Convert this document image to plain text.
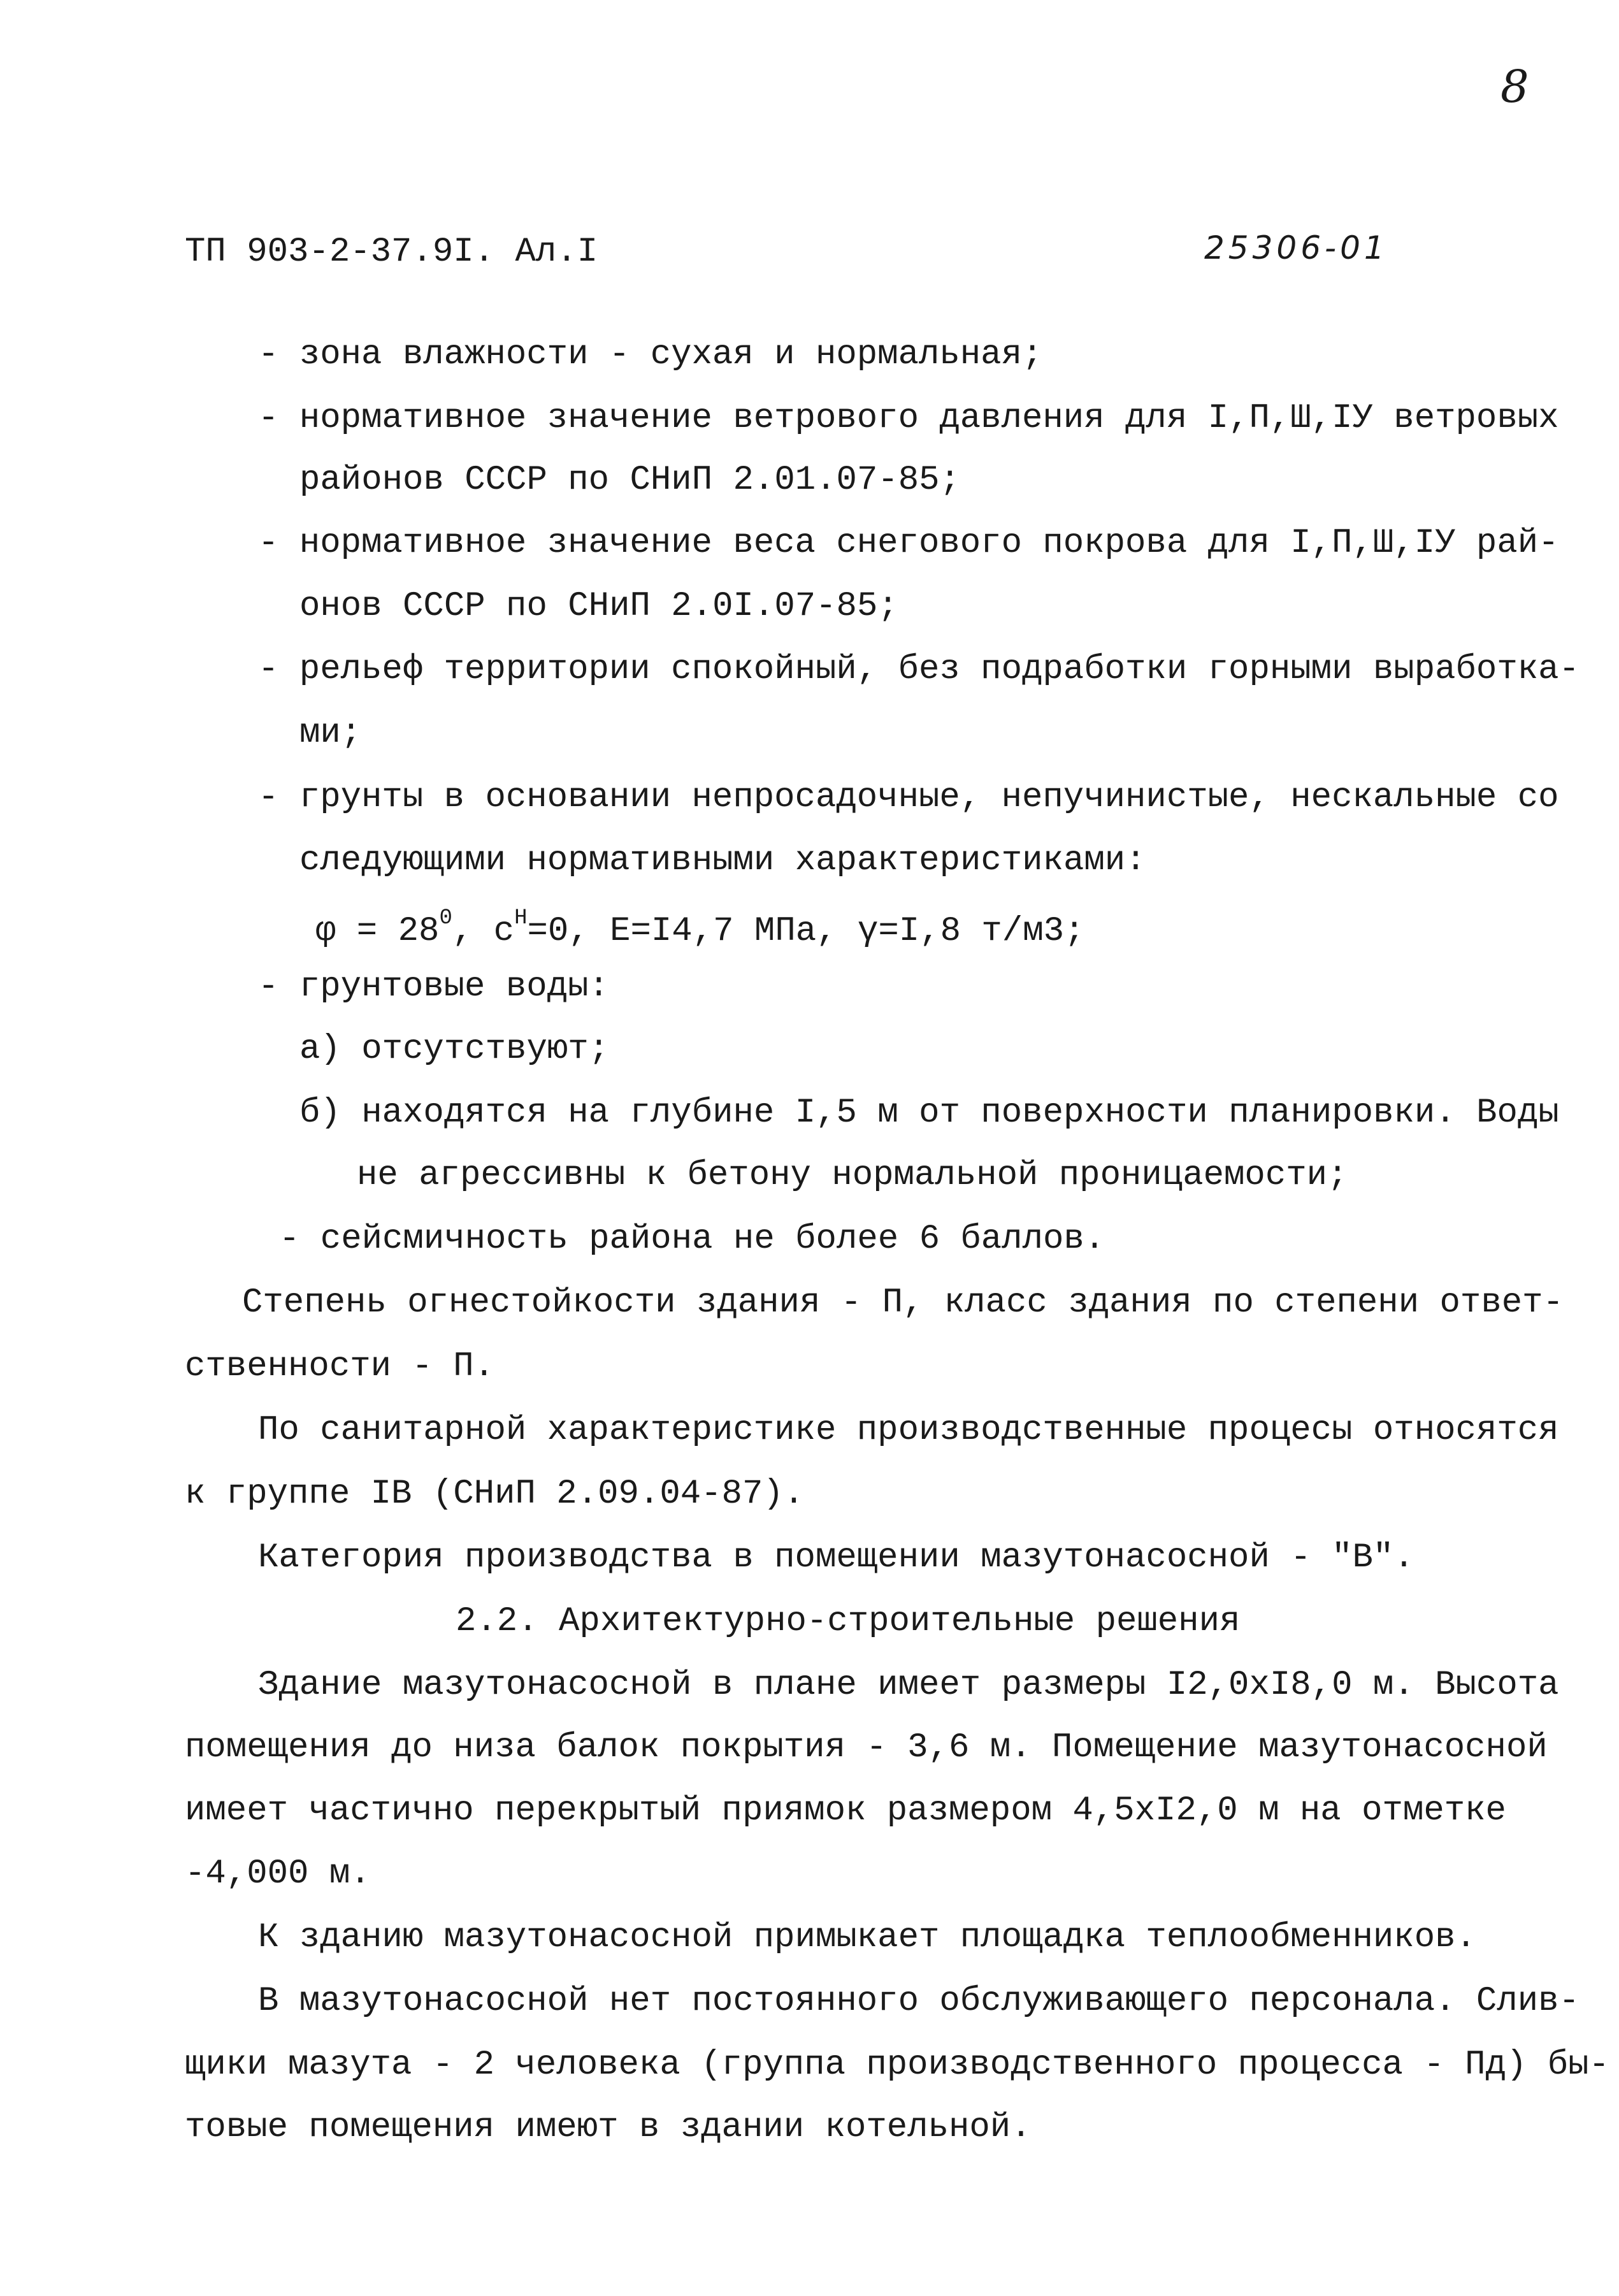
8
ТП 903-2-37.9I. Ал.I	25306-01
- зона влажности - сухая и нормальная;
- нормативное значение ветрового давления для I,П,Ш,IУ ветровых
районов СССР по СНиП 2.01.07-85;
- нормативное значение веса снегового покрова для I,П,Ш,IУ рай-
онов СССР по СНиП 2.0I.07-85;
- рельеф территории спокойный, без подработки горными выработка-
ми;
- грунты в основании непросадочные, непучинистые, нескальные со
следующими нормативными характеристиками:
$\varphi = 28^0$, $c^Н=0$, E=I4,7 МПа, γ=I,8 т/м3;
- грунтовые воды:
а) отсутствуют;
б) находятся на глубине I,5 м от поверхности планировки. Воды
не агрессивны к бетону нормальной проницаемости;
- сейсмичность района не более 6 баллов.
Степень огнестойкости здания - П, класс здания по степени ответ-
ственности - П.
По санитарной характеристике производственные процесы относятся
к группе IВ (СНиП 2.09.04-87).
Категория производства в помещении мазутонасосной - "В".
2.2. Архитектурно-строительные решения
Здание мазутонасосной в плане имеет размеры I2,0xI8,0 м. Высота
помещения до низа балок покрытия - 3,6 м. Помещение мазутонасосной
имеет частично перекрытый приямок размером 4,5xI2,0 м на отметке
-4,000 м.
К зданию мазутонасосной примыкает площадка теплообменников.
В мазутонасосной нет постоянного обслуживающего персонала. Слив-
щики мазута - 2 человека (группа производственного процесса - Пд) бы-
товые помещения имеют в здании котельной.
